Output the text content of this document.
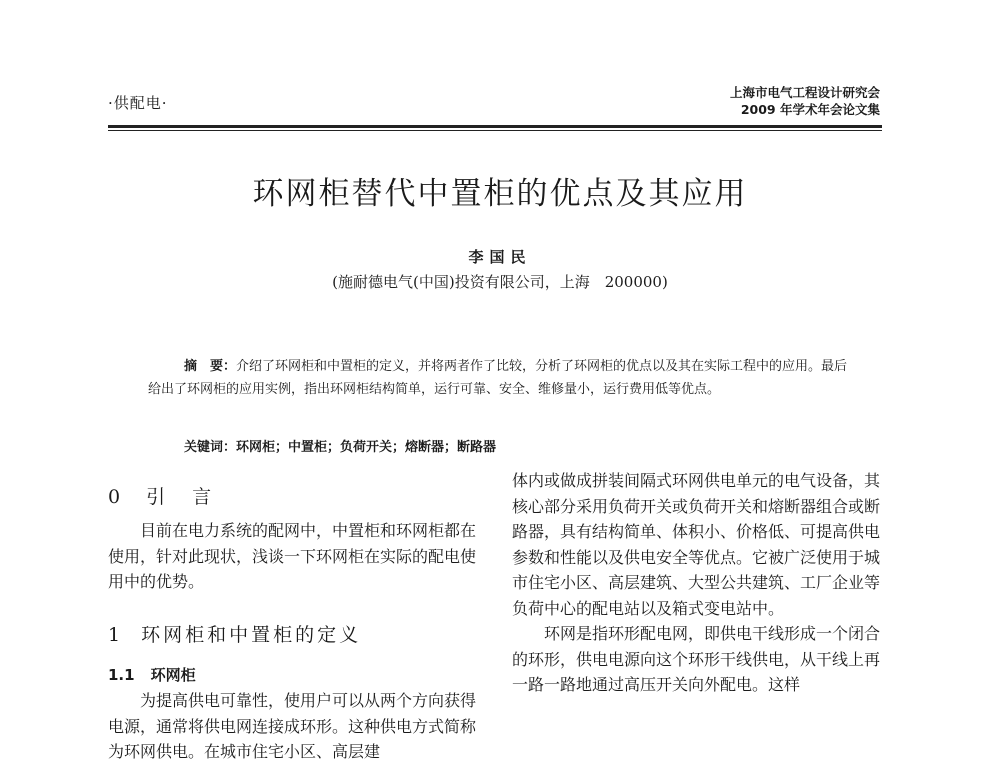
·供配电·
上海市电气工程设计研究会
2009 年学术年会论文集
环网柜替代中置柜的优点及其应用
李国民
(施耐德电气(中国)投资有限公司，上海　200000)
摘　要：介绍了环网柜和中置柜的定义，并将两者作了比较，分析了环网柜的优点以及其在实际工程中的应用。最后给出了环网柜的应用实例，指出环网柜结构简单，运行可靠、安全、维修量小，运行费用低等优点。
关键词：环网柜；中置柜；负荷开关；熔断器；断路器
0 引　言
目前在电力系统的配网中，中置柜和环网柜都在使用，针对此现状，浅谈一下环网柜在实际的配电使用中的优势。
1 环网柜和中置柜的定义
1.1 环网柜
为提高供电可靠性，使用户可以从两个方向获得电源，通常将供电网连接成环形。这种供电方式简称为环网供电。在城市住宅小区、高层建

体内或做成拼装间隔式环网供电单元的电气设备，其核心部分采用负荷开关或负荷开关和熔断器组合或断路器，具有结构简单、体积小、价格低、可提高供电参数和性能以及供电安全等优点。它被广泛使用于城市住宅小区、高层建筑、大型公共建筑、工厂企业等负荷中心的配电站以及箱式变电站中。

环网是指环形配电网，即供电干线形成一个闭合的环形，供电电源向这个环形干线供电，从干线上再一路一路地通过高压开关向外配电。这样
